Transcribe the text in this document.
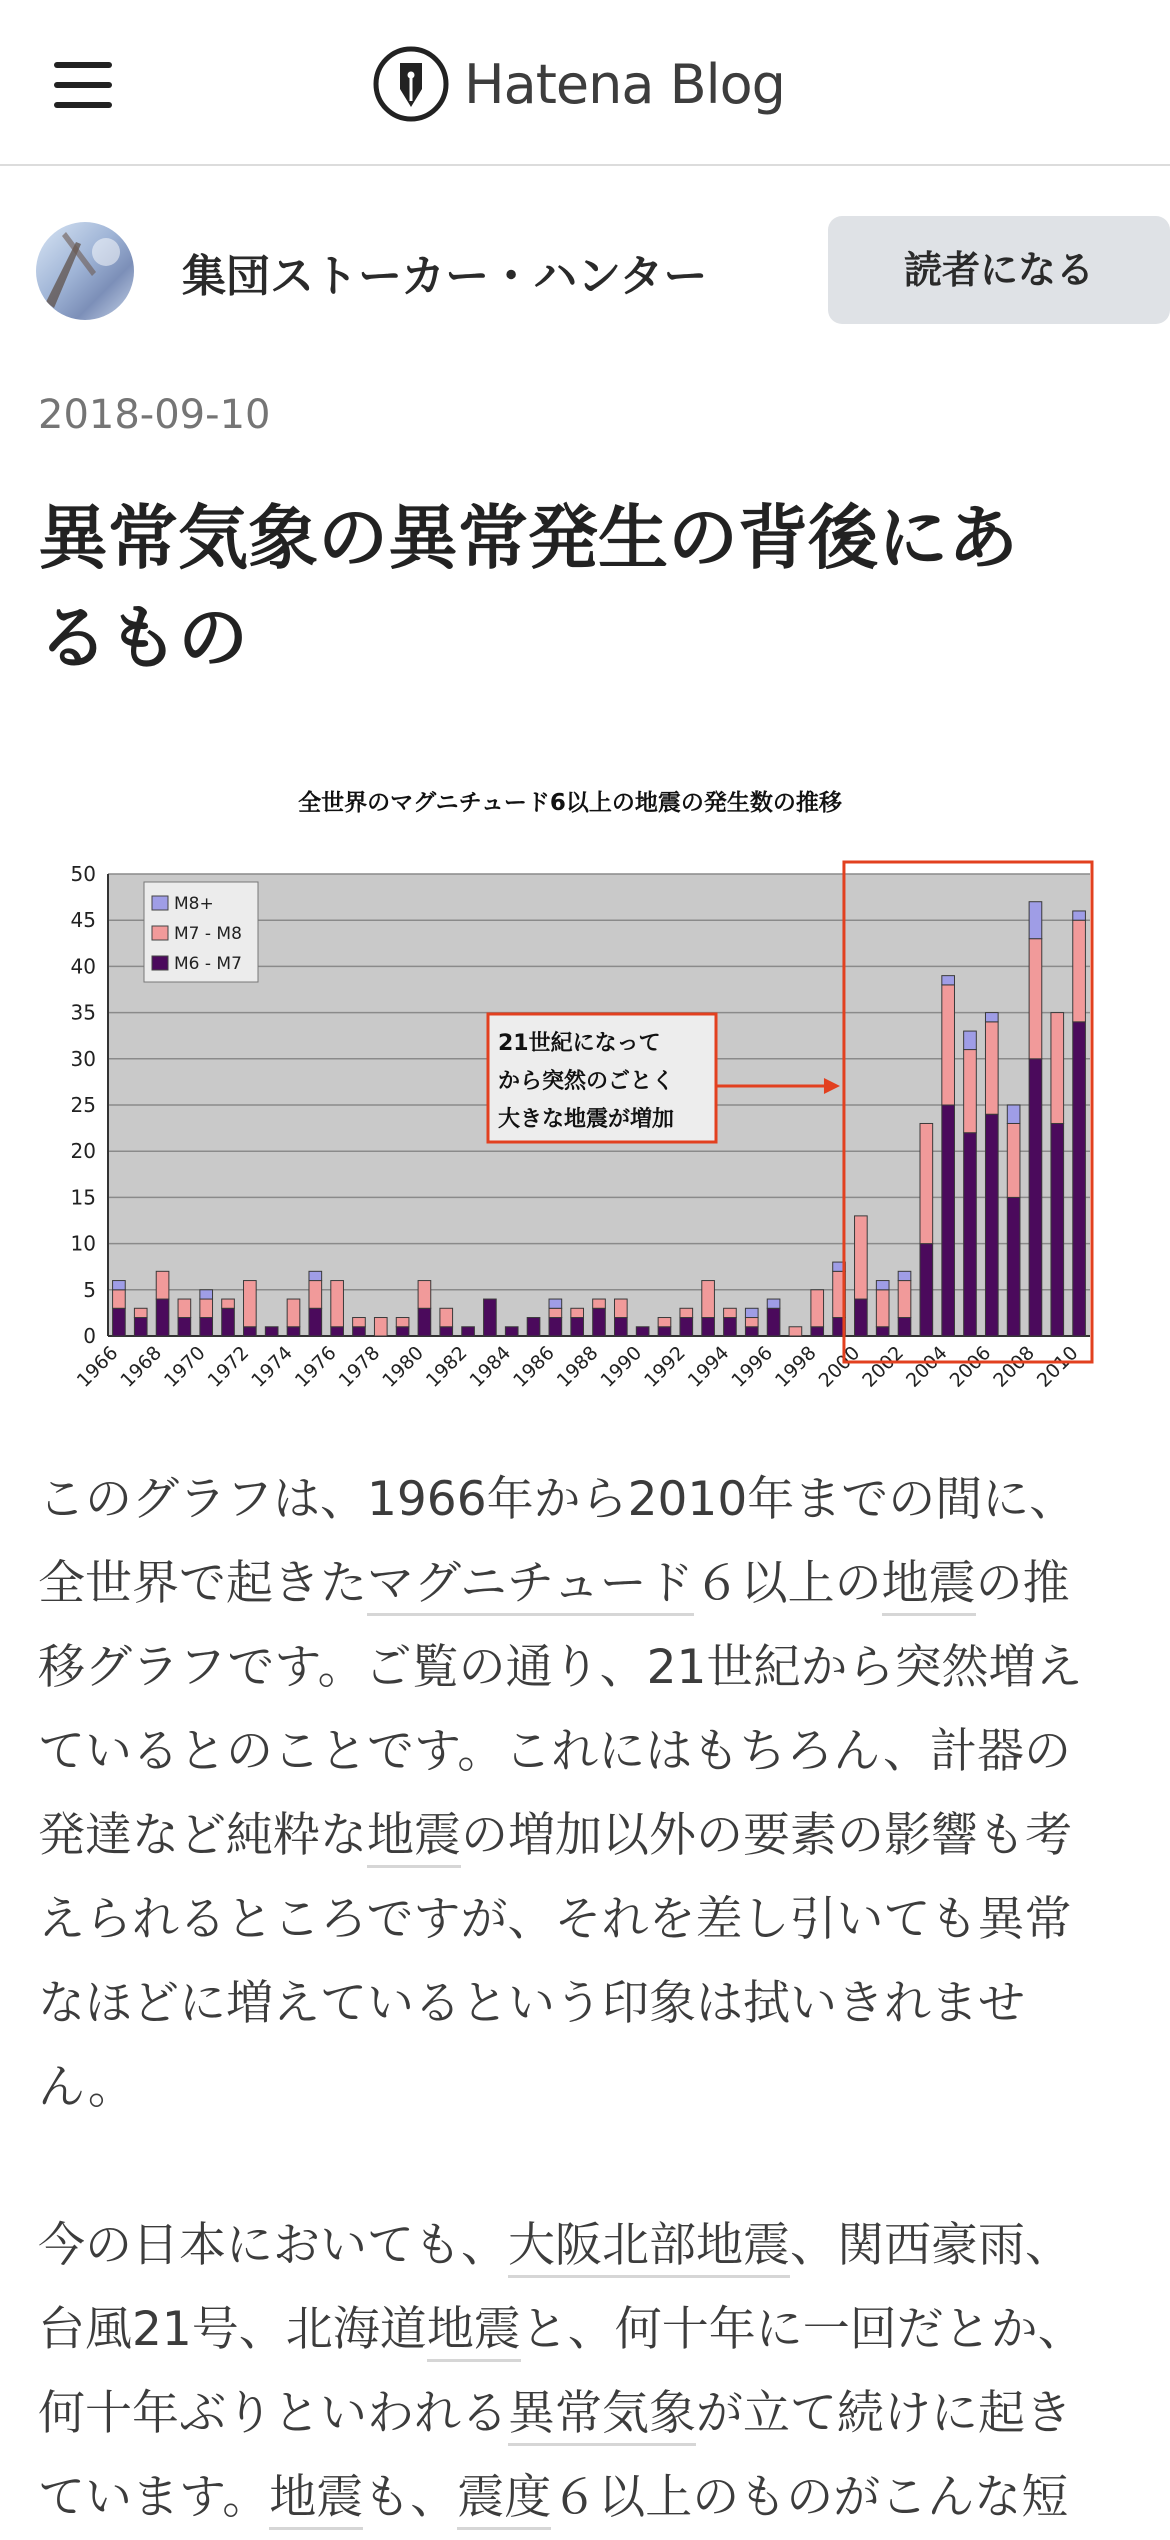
Hatena Blog
集団ストーカー・ハンター	読者になる
2018-09-10
異常気象の異常発生の背後にあ
るもの
全世界のマグニチュード6以上の地震の発生数の推移
0
5
10
15
20
25
30
35
40
45
50
1966
1968
1970
1972
1974
1976
1978
1980
1982
1984
1986
1988
1990
1992
1994
1996
1998
2000
2002
2004
2006
2008
2010
M8+
M7 - M8
M6 - M7
21世紀になって
から突然のごとく
大きな地震が増加
このグラフは、1966年から2010年までの間に、
全世界で起きたマグニチュード６以上の地震の推
移グラフです。ご覧の通り、21世紀から突然増え
ているとのことです。これにはもちろん、計器の
発達など純粋な地震の増加以外の要素の影響も考
えられるところですが、それを差し引いても異常
なほどに増えているという印象は拭いきれませ
ん。
今の日本においても、大阪北部地震、関西豪雨、
台風21号、北海道地震と、何十年に一回だとか、
何十年ぶりといわれる異常気象が立て続けに起き
ています。地震も、震度６以上のものがこんな短
